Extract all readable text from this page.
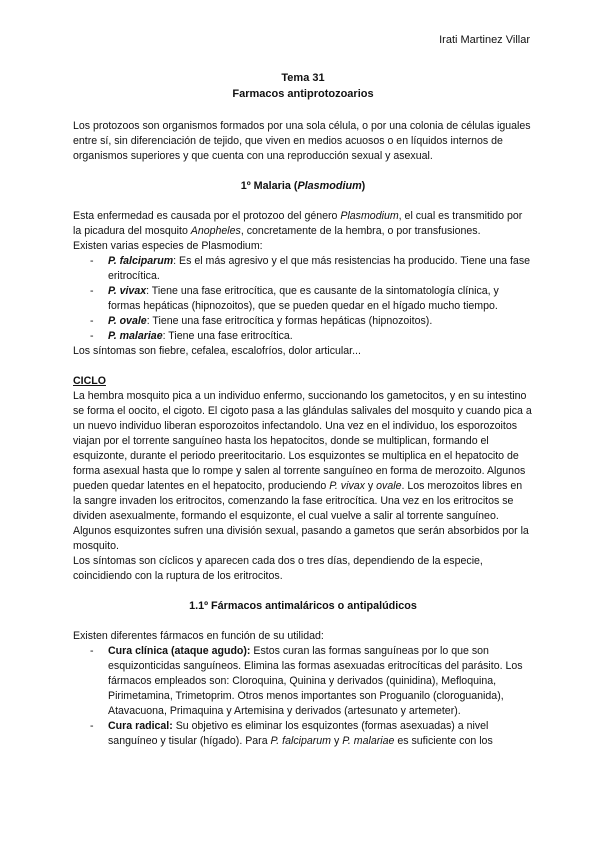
Irati Martinez Villar
Tema 31
Farmacos antiprotozoarios

Los protozoos son organismos formados por una sola célula, o por una colonia de células iguales entre sí, sin diferenciación de tejido, que viven en medios acuosos o en líquidos internos de organismos superiores y que cuenta con una reproducción sexual y asexual.

1º Malaria (Plasmodium)

Esta enfermedad es causada por el protozoo del género Plasmodium, el cual es transmitido por la picadura del mosquito Anopheles, concretamente de la hembra, o por transfusiones.

Existen varias especies de Plasmodium:

- P. falciparum: Es el más agresivo y el que más resistencias ha producido. Tiene una fase eritrocítica.
- P. vivax: Tiene una fase eritrocítica, que es causante de la sintomatología clínica, y formas hepáticas (hipnozoitos), que se pueden quedar en el hígado mucho tiempo.
- P. ovale: Tiene una fase eritrocítica y formas hepáticas (hipnozoitos).
- P. malariae: Tiene una fase eritrocítica.

Los síntomas son fiebre, cefalea, escalofríos, dolor articular...

CICLO

La hembra mosquito pica a un individuo enfermo, succionando los gametocitos, y en su intestino se forma el oocito, el cigoto. El cigoto pasa a las glándulas salivales del mosquito y cuando pica a un nuevo individuo liberan esporozoitos infectandolo. Una vez en el individuo, los esporozoitos viajan por el torrente sanguíneo hasta los hepatocitos, donde se multiplican, formando el esquizonte, durante el periodo preeritocitario. Los esquizontes se multiplica en el hepatocito de forma asexual hasta que lo rompe y salen al torrente sanguíneo en forma de merozoito. Algunos pueden quedar latentes en el hepatocito, produciendo P. vivax y ovale. Los merozoitos libres en la sangre invaden los eritrocitos, comenzando la fase eritrocítica. Una vez en los eritrocitos se dividen asexualmente, formando el esquizonte, el cual vuelve a salir al torrente sanguíneo.

Algunos esquizontes sufren una división sexual, pasando a gametos que serán absorbidos por la mosquito.

Los síntomas son cíclicos y aparecen cada dos o tres días, dependiendo de la especie, coincidiendo con la ruptura de los eritrocitos.

1.1º Fármacos antimaláricos o antipalúdicos

Existen diferentes fármacos en función de su utilidad:

- Cura clínica (ataque agudo): Estos curan las formas sanguíneas por lo que son esquizonticidas sanguíneos. Elimina las formas asexuadas eritrocíticas del parásito. Los fármacos empleados son: Cloroquina, Quinina y derivados (quinidina), Mefloquina, Pirimetamina, Trimetoprim. Otros menos importantes son Proguanilo (cloroguanida), Atavacuona, Primaquina y Artemisina y derivados (artesunato y artemeter).
- Cura radical: Su objetivo es eliminar los esquizontes (formas asexuadas) a nivel sanguíneo y tisular (hígado). Para P. falciparum y P. malariae es suficiente con los
